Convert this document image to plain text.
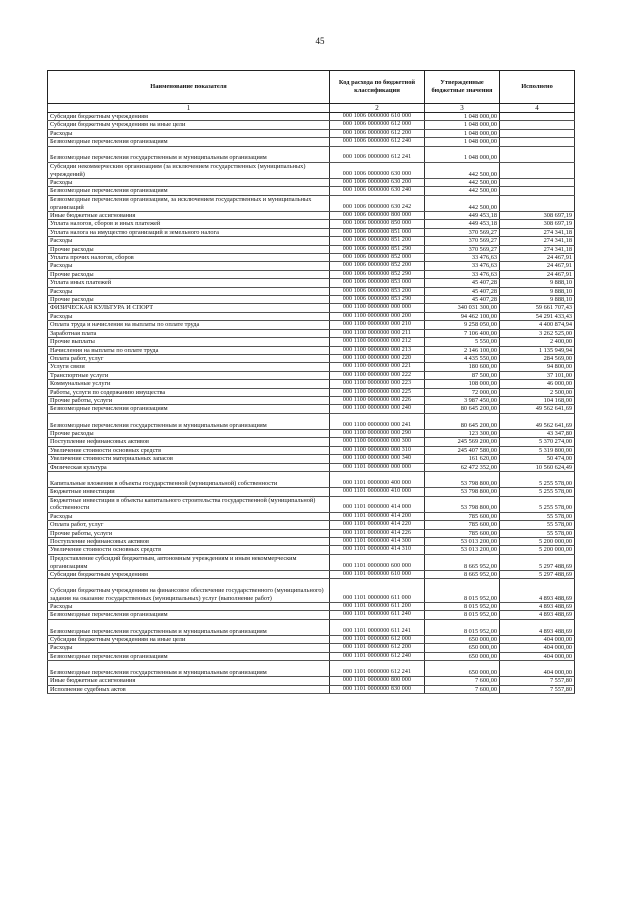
45
Наименование показателя	Код расхода по бюджетной классификации	Утвержденные бюджетные значения	Исполнено
1	2	3	4
Субсидии бюджетным учреждениям	000 1006 0000000 610 000	1 048 000,00	
Субсидии бюджетным учреждениям на иные цели	000 1006 0000000 612 000	1 048 000,00	
Расходы	000 1006 0000000 612 200	1 048 000,00	
Безвозмездные перечисления организациям	000 1006 0000000 612 240	1 048 000,00	
Безвозмездные перечисления государственным и муниципальным организациям	000 1006 0000000 612 241	1 048 000,00	
Субсидии некоммерческим организациям (за исключением государственных (муниципальных) учреждений)	000 1006 0000000 630 000	442 500,00	
Расходы	000 1006 0000000 630 200	442 500,00	
Безвозмездные перечисления организациям	000 1006 0000000 630 240	442 500,00	
Безвозмездные перечисления организациям, за исключением государственных и муниципальных организаций	000 1006 0000000 630 242	442 500,00	
Иные бюджетные ассигнования	000 1006 0000000 800 000	449 453,18	308 697,19
Уплата налогов, сборов и иных платежей	000 1006 0000000 850 000	449 453,18	308 697,19
Уплата налога на имущество организаций и земельного налога	000 1006 0000000 851 000	370 569,27	274 341,18
Расходы	000 1006 0000000 851 200	370 569,27	274 341,18
Прочие расходы	000 1006 0000000 851 290	370 569,27	274 341,18
Уплата прочих налогов, сборов	000 1006 0000000 852 000	33 476,63	24 467,91
Расходы	000 1006 0000000 852 200	33 476,63	24 467,91
Прочие расходы	000 1006 0000000 852 290	33 476,63	24 467,91
Уплата иных платежей	000 1006 0000000 853 000	45 407,28	9 888,10
Расходы	000 1006 0000000 853 200	45 407,28	9 888,10
Прочие расходы	000 1006 0000000 853 290	45 407,28	9 888,10
ФИЗИЧЕСКАЯ КУЛЬТУРА И СПОРТ	000 1100 0000000 000 000	340 031 300,00	59 661 707,43
Расходы	000 1100 0000000 000 200	94 462 100,00	54 291 433,43
Оплата труда и начисления на выплаты по оплате труда	000 1100 0000000 000 210	9 258 050,00	4 400 874,94
Заработная плата	000 1100 0000000 000 211	7 106 400,00	3 262 525,00
Прочие выплаты	000 1100 0000000 000 212	5 550,00	2 400,00
Начисления на выплаты по оплате труда	000 1100 0000000 000 213	2 146 100,00	1 135 949,94
Оплата работ, услуг	000 1100 0000000 000 220	4 435 550,00	284 569,00
Услуги связи	000 1100 0000000 000 221	180 600,00	94 800,00
Транспортные услуги	000 1100 0000000 000 222	87 500,00	37 101,00
Коммунальные услуги	000 1100 0000000 000 223	108 000,00	46 000,00
Работы, услуги по содержанию имущества	000 1100 0000000 000 225	72 000,00	2 500,00
Прочие работы, услуги	000 1100 0000000 000 226	3 987 450,00	104 168,00
Безвозмездные перечисления организациям	000 1100 0000000 000 240	80 645 200,00	49 562 641,69
Безвозмездные перечисления государственным и муниципальным организациям	000 1100 0000000 000 241	80 645 200,00	49 562 641,69
Прочие расходы	000 1100 0000000 000 290	123 300,00	43 347,80
Поступление нефинансовых активов	000 1100 0000000 000 300	245 569 200,00	5 370 274,00
Увеличение стоимости основных средств	000 1100 0000000 000 310	245 407 580,00	5 319 800,00
Увеличение стоимости материальных запасов	000 1100 0000000 000 340	161 620,00	50 474,00
Физическая культура	000 1101 0000000 000 000	62 472 352,00	10 560 624,49
Капитальные вложения в объекты государственной (муниципальной) собственности	000 1101 0000000 400 000	53 798 800,00	5 255 578,00
Бюджетные инвестиции	000 1101 0000000 410 000	53 798 800,00	5 255 578,00
Бюджетные инвестиции в объекты капитального строительства государственной (муниципальной) собственности	000 1101 0000000 414 000	53 798 800,00	5 255 578,00
Расходы	000 1101 0000000 414 200	785 600,00	55 578,00
Оплата работ, услуг	000 1101 0000000 414 220	785 600,00	55 578,00
Прочие работы, услуги	000 1101 0000000 414 226	785 600,00	55 578,00
Поступление нефинансовых активов	000 1101 0000000 414 300	53 013 200,00	5 200 000,00
Увеличение стоимости основных средств	000 1101 0000000 414 310	53 013 200,00	5 200 000,00
Предоставление субсидий бюджетным, автономным учреждениям и иным некоммерческим организациям	000 1101 0000000 600 000	8 665 952,00	5 297 488,69
Субсидии бюджетным учреждениям	000 1101 0000000 610 000	8 665 952,00	5 297 488,69
Субсидии бюджетным учреждениям на финансовое обеспечение государственного (муниципального) задания на оказание государственных (муниципальных) услуг (выполнение работ)	000 1101 0000000 611 000	8 015 952,00	4 893 488,69
Расходы	000 1101 0000000 611 200	8 015 952,00	4 893 488,69
Безвозмездные перечисления организациям	000 1101 0000000 611 240	8 015 952,00	4 893 488,69
Безвозмездные перечисления государственным и муниципальным организациям	000 1101 0000000 611 241	8 015 952,00	4 893 488,69
Субсидии бюджетным учреждениям на иные цели	000 1101 0000000 612 000	650 000,00	404 000,00
Расходы	000 1101 0000000 612 200	650 000,00	404 000,00
Безвозмездные перечисления организациям	000 1101 0000000 612 240	650 000,00	404 000,00
Безвозмездные перечисления государственным и муниципальным организациям	000 1101 0000000 612 241	650 000,00	404 000,00
Иные бюджетные ассигнования	000 1101 0000000 800 000	7 600,00	7 557,80
Исполнение судебных актов	000 1101 0000000 830 000	7 600,00	7 557,80
